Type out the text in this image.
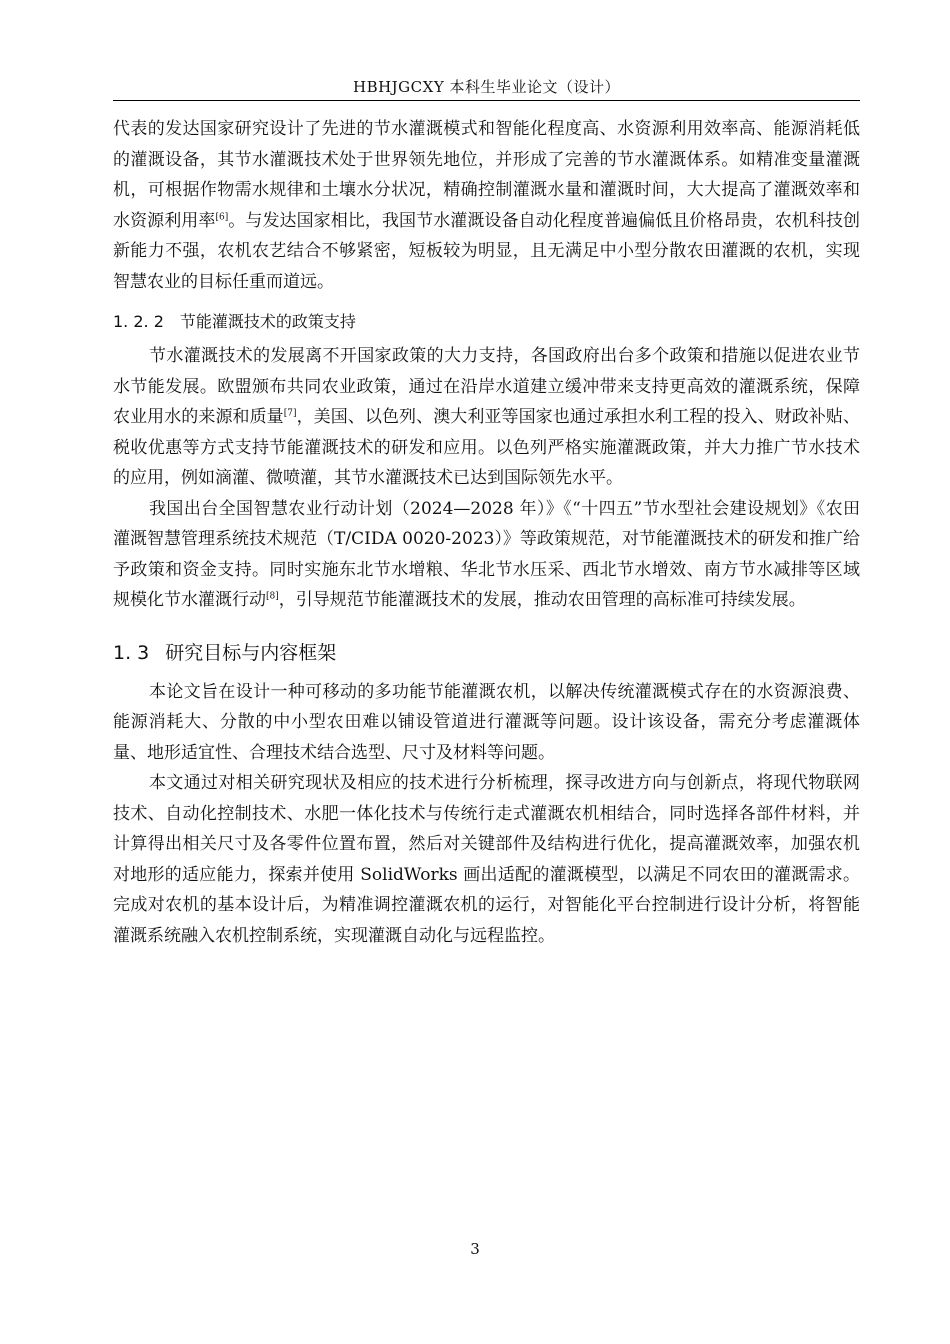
HBHJGCXY 本科生毕业论文（设计）

代表的发达国家研究设计了先进的节水灌溉模式和智能化程度高、水资源利用效率高、能源消耗低的灌溉设备，其节水灌溉技术处于世界领先地位，并形成了完善的节水灌溉体系。如精准变量灌溉机，可根据作物需水规律和土壤水分状况，精确控制灌溉水量和灌溉时间，大大提高了灌溉效率和水资源利用率[6]。与发达国家相比，我国节水灌溉设备自动化程度普遍偏低且价格昂贵，农机科技创新能力不强，农机农艺结合不够紧密，短板较为明显，且无满足中小型分散农田灌溉的农机，实现智慧农业的目标任重而道远。

1. 2. 2 节能灌溉技术的政策支持

节水灌溉技术的发展离不开国家政策的大力支持，各国政府出台多个政策和措施以促进农业节水节能发展。欧盟颁布共同农业政策，通过在沿岸水道建立缓冲带来支持更高效的灌溉系统，保障农业用水的来源和质量[7]，美国、以色列、澳大利亚等国家也通过承担水利工程的投入、财政补贴、税收优惠等方式支持节能灌溉技术的研发和应用。以色列严格实施灌溉政策，并大力推广节水技术的应用，例如滴灌、微喷灌，其节水灌溉技术已达到国际领先水平。

我国出台全国智慧农业行动计划（2024—2028 年）》《“十四五”节水型社会建设规划》《农田灌溉智慧管理系统技术规范（T/CIDA 0020-2023）》等政策规范，对节能灌溉技术的研发和推广给予政策和资金支持。同时实施东北节水增粮、华北节水压采、西北节水增效、南方节水减排等区域规模化节水灌溉行动[8]，引导规范节能灌溉技术的发展，推动农田管理的高标准可持续发展。

1. 3 研究目标与内容框架

本论文旨在设计一种可移动的多功能节能灌溉农机，以解决传统灌溉模式存在的水资源浪费、能源消耗大、分散的中小型农田难以铺设管道进行灌溉等问题。设计该设备，需充分考虑灌溉体量、地形适宜性、合理技术结合选型、尺寸及材料等问题。

本文通过对相关研究现状及相应的技术进行分析梳理，探寻改进方向与创新点，将现代物联网技术、自动化控制技术、水肥一体化技术与传统行走式灌溉农机相结合，同时选择各部件材料，并计算得出相关尺寸及各零件位置布置，然后对关键部件及结构进行优化，提高灌溉效率，加强农机对地形的适应能力，探索并使用 SolidWorks 画出适配的灌溉模型，以满足不同农田的灌溉需求。完成对农机的基本设计后，为精准调控灌溉农机的运行，对智能化平台控制进行设计分析，将智能灌溉系统融入农机控制系统，实现灌溉自动化与远程监控。

3
